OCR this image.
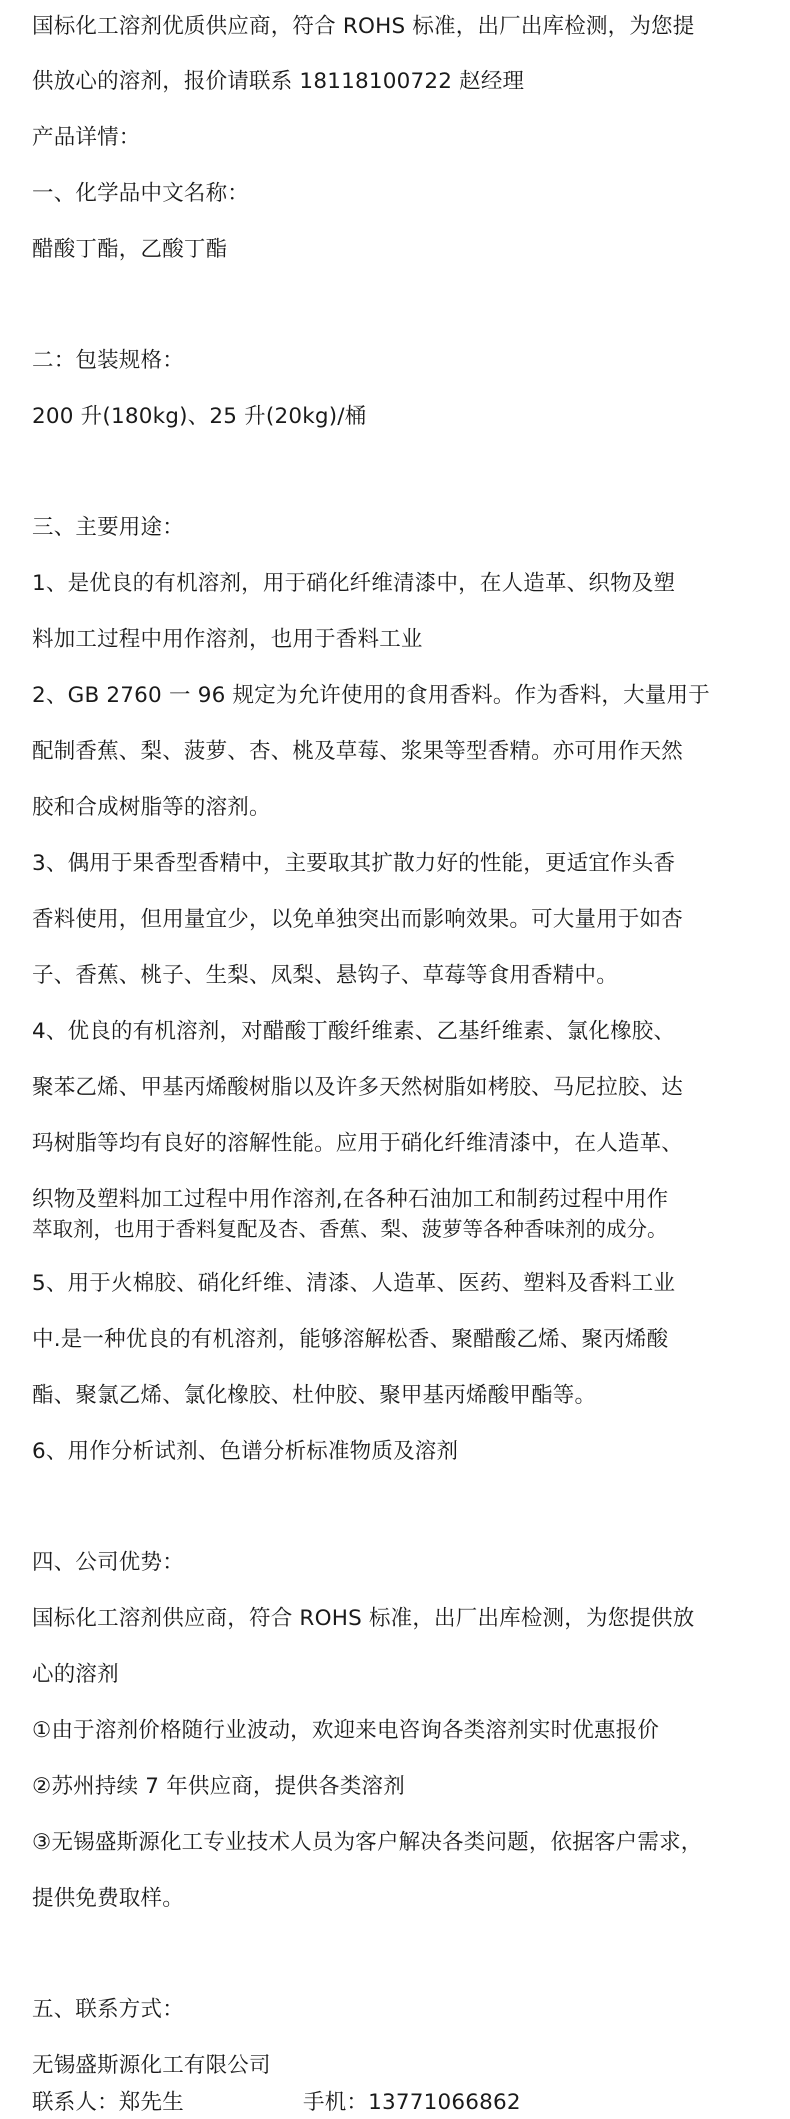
国标化工溶剂优质供应商，符合 ROHS 标准，出厂出库检测，为您提
供放心的溶剂，报价请联系 18118100722 赵经理
产品详情：
一、化学品中文名称：
醋酸丁酯，乙酸丁酯
二：包装规格：
200 升(180kg)、25 升(20kg)/桶
三、主要用途：
1、是优良的有机溶剂，用于硝化纤维清漆中，在人造革、织物及塑
料加工过程中用作溶剂，也用于香料工业
2、GB 2760 一 96 规定为允许使用的食用香料。作为香料，大量用于
配制香蕉、梨、菠萝、杏、桃及草莓、浆果等型香精。亦可用作天然
胶和合成树脂等的溶剂。
3、偶用于果香型香精中，主要取其扩散力好的性能，更适宜作头香
香料使用，但用量宜少，以免单独突出而影响效果。可大量用于如杏
子、香蕉、桃子、生梨、凤梨、悬钩子、草莓等食用香精中。
4、优良的有机溶剂，对醋酸丁酸纤维素、乙基纤维素、氯化橡胶、
聚苯乙烯、甲基丙烯酸树脂以及许多天然树脂如栲胶、马尼拉胶、达
玛树脂等均有良好的溶解性能。应用于硝化纤维清漆中，在人造革、
织物及塑料加工过程中用作溶剂,在各种石油加工和制药过程中用作
萃取剂，也用于香料复配及杏、香蕉、梨、菠萝等各种香味剂的成分。
5、用于火棉胶、硝化纤维、清漆、人造革、医药、塑料及香料工业
中.是一种优良的有机溶剂，能够溶解松香、聚醋酸乙烯、聚丙烯酸
酯、聚氯乙烯、氯化橡胶、杜仲胶、聚甲基丙烯酸甲酯等。
6、用作分析试剂、色谱分析标准物质及溶剂
四、公司优势：
国标化工溶剂供应商，符合 ROHS 标准，出厂出库检测，为您提供放
心的溶剂
①由于溶剂价格随行业波动，欢迎来电咨询各类溶剂实时优惠报价
②苏州持续 7 年供应商，提供各类溶剂
③无锡盛斯源化工专业技术人员为客户解决各类问题，依据客户需求，
提供免费取样。
五、联系方式：
无锡盛斯源化工有限公司
联系人：郑先生	手机：13771066862
